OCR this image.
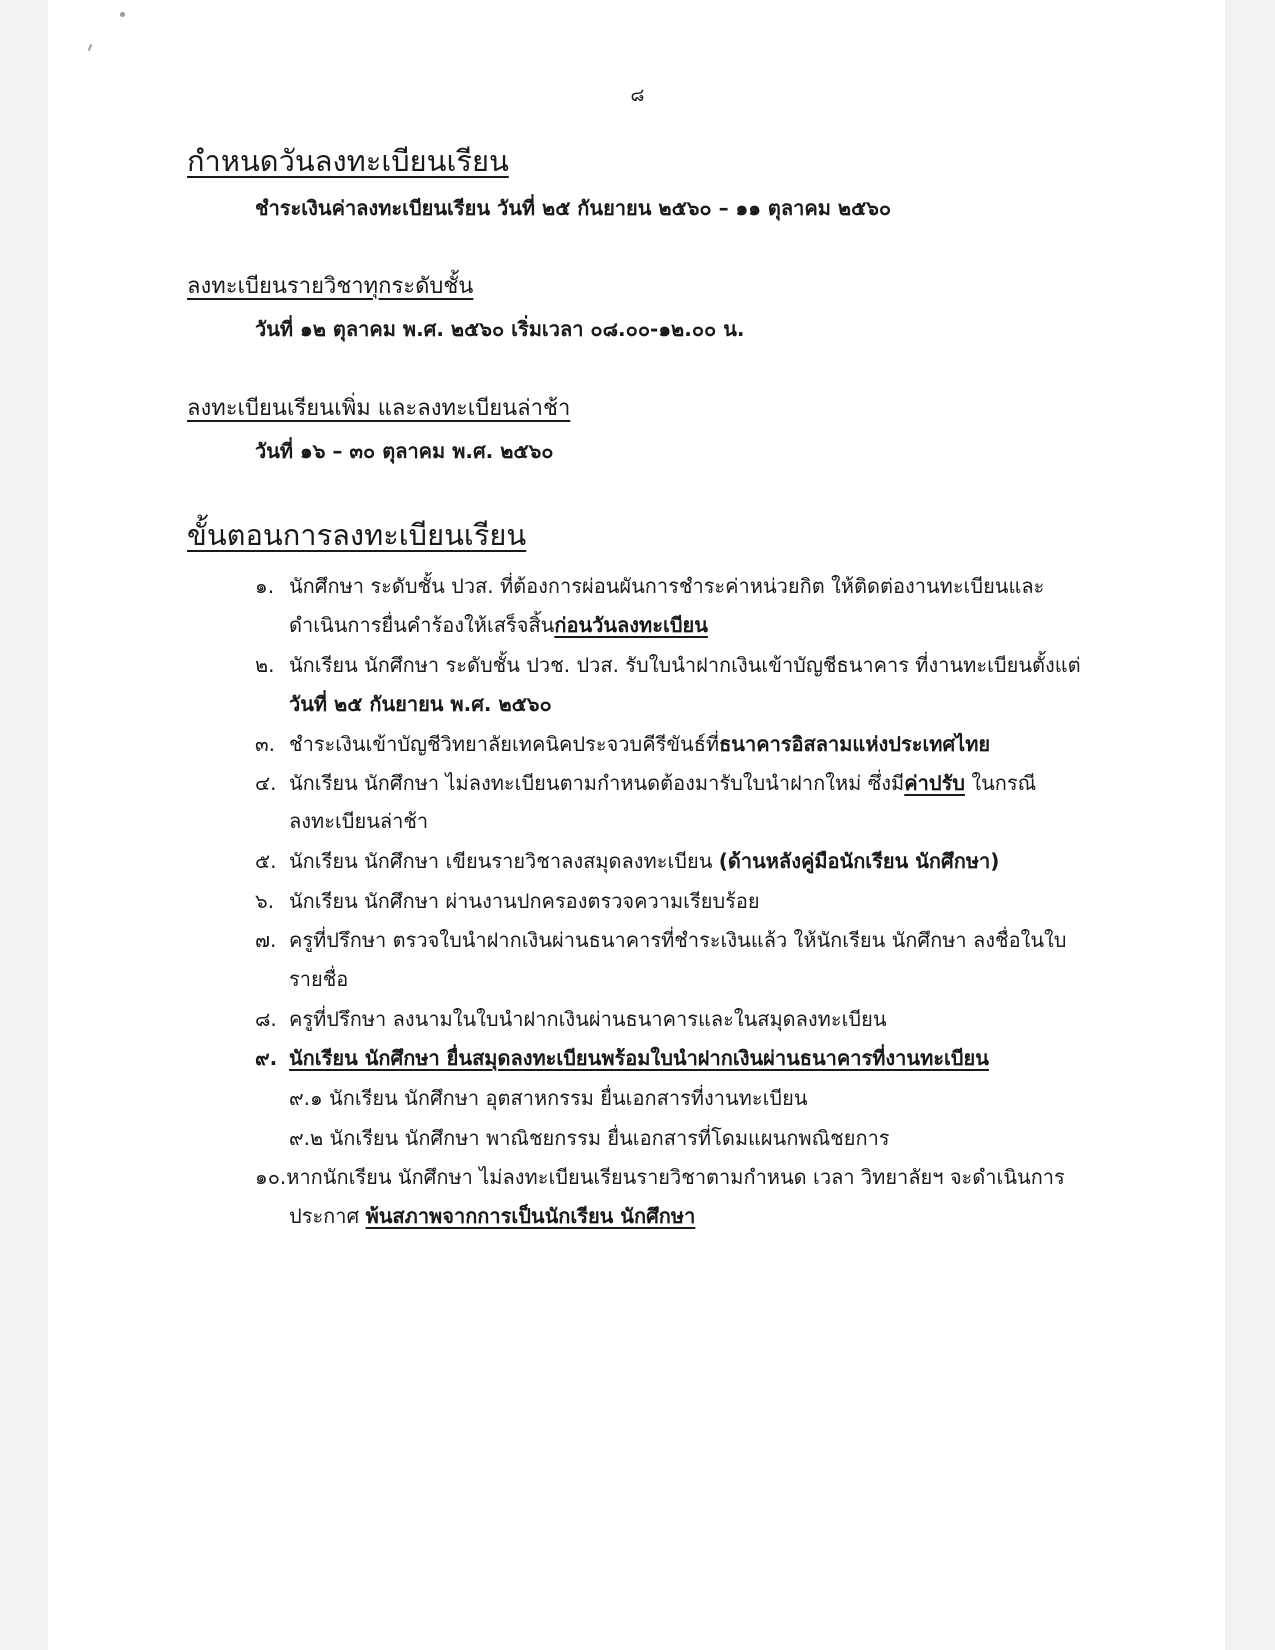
๘
กำหนดวันลงทะเบียนเรียน
ชำระเงินค่าลงทะเบียนเรียน วันที่ ๒๕ กันยายน ๒๕๖๐ – ๑๑ ตุลาคม ๒๕๖๐
ลงทะเบียนรายวิชาทุกระดับชั้น
วันที่ ๑๒ ตุลาคม พ.ศ. ๒๕๖๐ เริ่มเวลา ๐๘.๐๐-๑๒.๐๐ น.
ลงทะเบียนเรียนเพิ่ม และลงทะเบียนล่าช้า
วันที่ ๑๖ – ๓๐ ตุลาคม พ.ศ. ๒๕๖๐
ขั้นตอนการลงทะเบียนเรียน
๑. นักศึกษา ระดับชั้น ปวส. ที่ต้องการผ่อนผันการชำระค่าหน่วยกิต ให้ติดต่องานทะเบียนและ
ดำเนินการยื่นคำร้องให้เสร็จสิ้นก่อนวันลงทะเบียน
๒. นักเรียน นักศึกษา ระดับชั้น ปวช. ปวส. รับใบนำฝากเงินเข้าบัญชีธนาคาร ที่งานทะเบียนตั้งแต่
วันที่ ๒๕ กันยายน พ.ศ. ๒๕๖๐
๓. ชำระเงินเข้าบัญชีวิทยาลัยเทคนิคประจวบคีรีขันธ์ที่ธนาคารอิสลามแห่งประเทศไทย
๔. นักเรียน นักศึกษา ไม่ลงทะเบียนตามกำหนดต้องมารับใบนำฝากใหม่ ซึ่งมีค่าปรับ ในกรณี
ลงทะเบียนล่าช้า
๕. นักเรียน นักศึกษา เขียนรายวิชาลงสมุดลงทะเบียน (ด้านหลังคู่มือนักเรียน นักศึกษา)
๖. นักเรียน นักศึกษา ผ่านงานปกครองตรวจความเรียบร้อย
๗. ครูที่ปรึกษา ตรวจใบนำฝากเงินผ่านธนาคารที่ชำระเงินแล้ว ให้นักเรียน นักศึกษา ลงชื่อในใบ
รายชื่อ
๘. ครูที่ปรึกษา ลงนามในใบนำฝากเงินผ่านธนาคารและในสมุดลงทะเบียน
๙. นักเรียน นักศึกษา ยื่นสมุดลงทะเบียนพร้อมใบนำฝากเงินผ่านธนาคารที่งานทะเบียน
๙.๑ นักเรียน นักศึกษา อุตสาหกรรม ยื่นเอกสารที่งานทะเบียน
๙.๒ นักเรียน นักศึกษา พาณิชยกรรม ยื่นเอกสารที่โดมแผนกพณิชยการ
๑๐.หากนักเรียน นักศึกษา ไม่ลงทะเบียนเรียนรายวิชาตามกำหนด เวลา วิทยาลัยฯ จะดำเนินการ
ประกาศ พ้นสภาพจากการเป็นนักเรียน นักศึกษา
